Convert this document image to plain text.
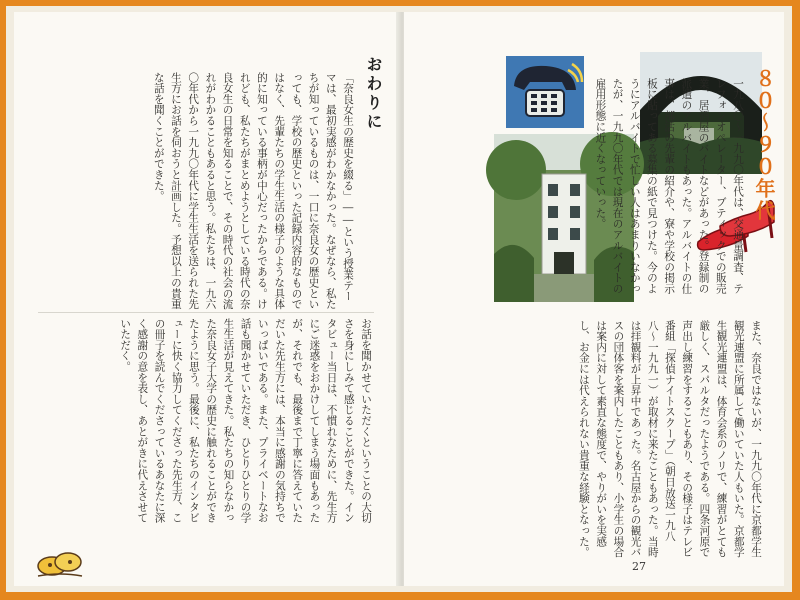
おわりに
「奈良女生の歴史を綴る」――という授業テーマは、最初実感がわかなかった。なぜなら、私たちが知っているものは、一口に奈良女の歴史といっても、学校の歴史といった記録内容的なものではなく、先輩たちの学生生活の様子のような具体的に知っている事柄が中心だったからである。けれども、私たちがまとめようとしている時代の奈良女生の日常を知ることで、その時代の社会の流れがわかることもあると思う。私たちは、一九六〇年代から一九九〇年代に学生生活を送られた先生方にお話を伺おうと計画した。予想以上の貴重な話を聞くことができた。
お話を聞かせていただくということの大切さを身にしみて感じることができた。インタビュー当日は、不慣れなために、先生方にご迷惑をおかけしてしまう場面もあったが、それでも、最後まで丁寧に答えていただいた先生方には、本当に感謝の気持ちでいっぱいである。また、プライベートなお話も聞かせていただき、ひとりひとりの学生生活が見えてきた。私たちの知らなかった奈良女子大学の歴史に触れることができたように思う。最後に、私たちのインタビューに快く協力してくださった先生方、この冊子を読んでくださっているあなたに深く感謝の意を表し、あとがきに代えさせていただく。
８０〜９０年代
一九八〇〜一九九〇年代は、交通量調査、テレフォンオペレーター、ブティックでの販売業、居酒屋のバイトなどがあった。登録制の派遣のアルバイトもあった。アルバイトの仕事は、部活の先輩の紹介や、寮や学校の掲示板に貼ってある募集の紙で見つけた。今のようにアルバイトで忙しい人はあまりいなかったが、一九九〇年代では現在のアルバイトの雇用形態に近くなっていった。
また、奈良ではないが、一九九〇年代に京都学生観光連盟に所属して働いていた人もいた。京都学生観光連盟は、体育会系のノリで、練習がとても厳しく、スパルタだったようである。四条河原で声出し練習をすることもあり、その様子はテレビ番組「探偵ナイトスクープ」（朝日放送一九八八〜一九九一）が取材に来たこともあった。当時は拝観料が上昇中であった。名古屋からの観光バスの団体客を案内したこともあり、小学生の場合は案内に対して素直な態度で、やりがいを実感し、お金には代えられない貴重な経験となった。
27
